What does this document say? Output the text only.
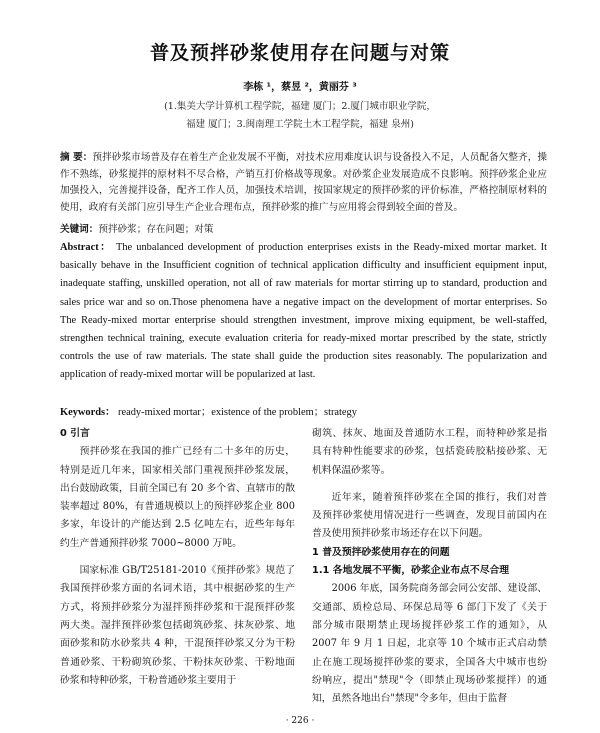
普及预拌砂浆使用存在问题与对策
李栋 ¹，蔡昱 ²，黄丽芬 ³
(1.集美大学计算机工程学院，福建 厦门；2.厦门城市职业学院，
福建 厦门；3.闽南理工学院土木工程学院，福建 泉州)
摘 要：预拌砂浆市场普及存在着生产企业发展不平衡，对技术应用难度认识与设备投入不足，人员配备欠整齐，操作不熟练，砂浆搅拌的原材料不尽合格，产销互打价格战等现象。对砂浆企业发展造成不良影响。预拌砂浆企业应加强投入，完善搅拌设备，配齐工作人员，加强技术培训，按国家规定的预拌砂浆的评价标准，严格控制原材料的使用，政府有关部门应引导生产企业合理布点，预拌砂浆的推广与应用将会得到较全面的普及。
关键词：预拌砂浆；存在问题；对策
Abstract： The unbalanced development of production enterprises exists in the Ready-mixed mortar market. It basically behave in the Insufficient cognition of technical application difficulty and insufficient equipment input, inadequate staffing, unskilled operation, not all of raw materials for mortar stirring up to standard, production and sales price war and so on.Those phenomena have a negative impact on the development of mortar enterprises. So The Ready-mixed mortar enterprise should strengthen investment, improve mixing equipment, be well-staffed, strengthen technical training, execute evaluation criteria for ready-mixed mortar prescribed by the state, strictly controls the use of raw materials. The state shall guide the production sites reasonably. The popularization and application of ready-mixed mortar will be popularized at last.
Keywords： ready-mixed mortar；existence of the problem；strategy
0 引言
预拌砂浆在我国的推广已经有二十多年的历史，特别是近几年来，国家相关部门重视预拌砂浆发展，出台鼓励政策，目前全国已有 20 多个省、直辖市的散装率超过 80%，有普通规模以上的预拌砂浆企业 800 多家，年设计的产能达到 2.5 亿吨左右，近些年每年约生产普通预拌砂浆 7000~8000 万吨。
国家标准 GB/T25181-2010《预拌砂浆》规范了我国预拌砂浆方面的名词术语，其中根据砂浆的生产方式，将预拌砂浆分为湿拌预拌砂浆和干混预拌砂浆两大类。湿拌预拌砂浆包括砌筑砂浆、抹灰砂浆、地面砂浆和防水砂浆共 4 种，干混预拌砂浆又分为干粉普通砂浆、干粉砌筑砂浆、干粉抹灰砂浆、干粉地面砂浆和特种砂浆，干粉普通砂浆主要用于
砌筑、抹灰、地面及普通防水工程，而特种砂浆是指具有特种性能要求的砂浆，包括瓷砖胶粘接砂浆、无机料保温砂浆等。
近年来，随着预拌砂浆在全国的推行，我们对普及预拌砂浆使用情况进行一些调查，发现目前国内在普及使用预拌砂浆市场还存在以下问题。
1 普及预拌砂浆使用存在的问题
1.1 各地发展不平衡，砂浆企业布点不尽合理
2006 年底，国务院商务部会同公安部、建设部、交通部、质检总局、环保总局等 6 部门下发了《关于部分城市限期禁止现场搅拌砂浆工作的通知》，从 2007 年 9 月 1 日起，北京等 10 个城市正式启动禁止在施工现场搅拌砂浆的要求，全国各大中城市也纷纷响应，提出"禁现"令（即禁止现场砂浆搅拌）的通知，虽然各地出台"禁现"令多年，但由于监督
· 226 ·
